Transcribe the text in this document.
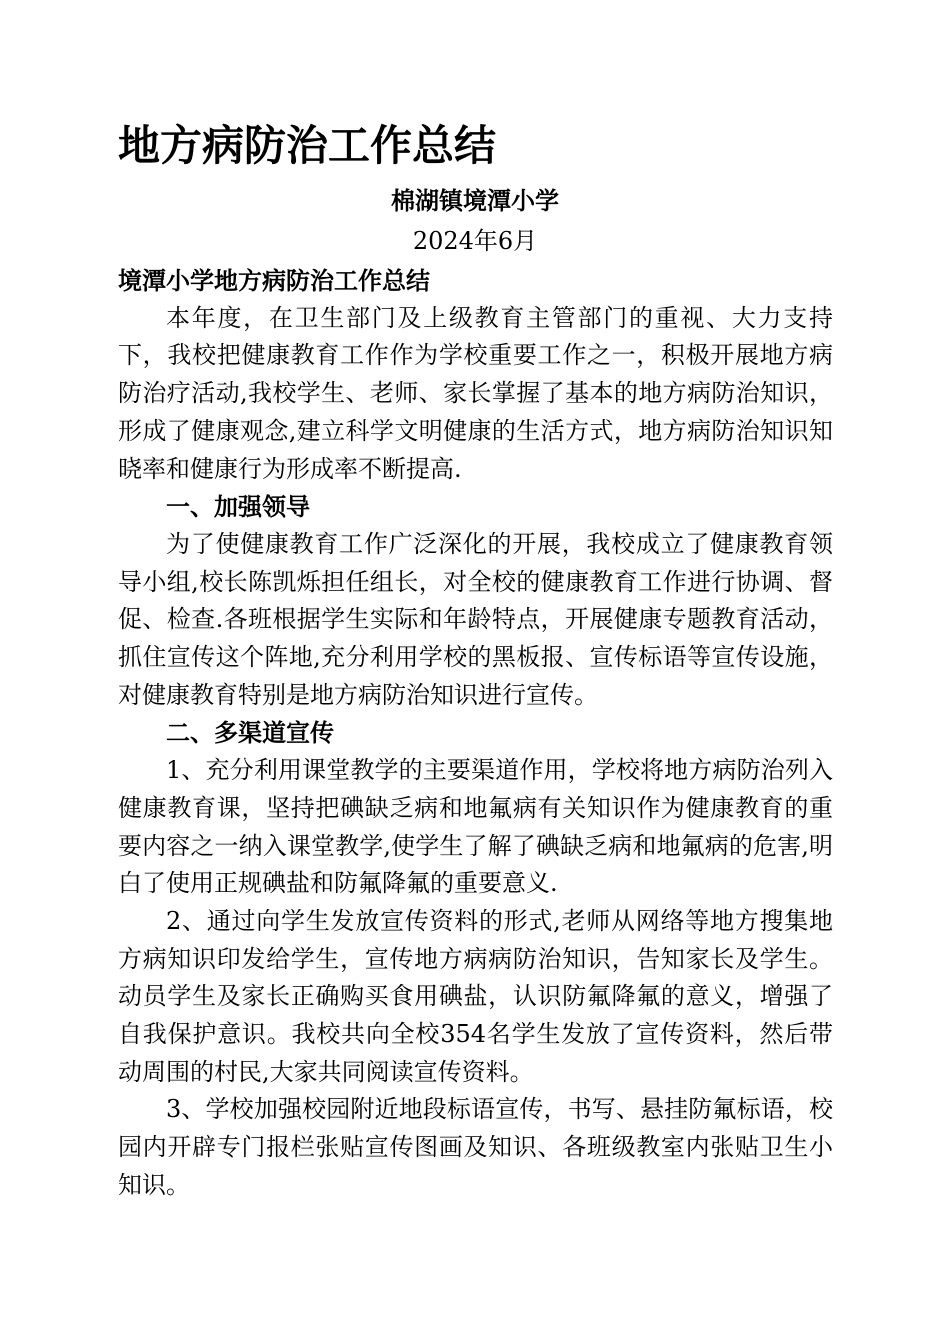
地方病防治工作总结
棉湖镇境潭小学
2024年6月

境潭小学地方病防治工作总结

本年度，在卫生部门及上级教育主管部门的重视、大力支持下，我校把健康教育工作作为学校重要工作之一，积极开展地方病防治疗活动,我校学生、老师、家长掌握了基本的地方病防治知识，形成了健康观念,建立科学文明健康的生活方式，地方病防治知识知晓率和健康行为形成率不断提高.

一、加强领导

为了使健康教育工作广泛深化的开展，我校成立了健康教育领导小组,校长陈凯烁担任组长，对全校的健康教育工作进行协调、督促、检查.各班根据学生实际和年龄特点，开展健康专题教育活动，抓住宣传这个阵地,充分利用学校的黑板报、宣传标语等宣传设施，对健康教育特别是地方病防治知识进行宣传。

二、多渠道宣传

1、充分利用课堂教学的主要渠道作用，学校将地方病防治列入健康教育课，坚持把碘缺乏病和地氟病有关知识作为健康教育的重要内容之一纳入课堂教学,使学生了解了碘缺乏病和地氟病的危害,明白了使用正规碘盐和防氟降氟的重要意义.

2、通过向学生发放宣传资料的形式,老师从网络等地方搜集地方病知识印发给学生，宣传地方病病防治知识，告知家长及学生。动员学生及家长正确购买食用碘盐，认识防氟降氟的意义，增强了自我保护意识。我校共向全校354名学生发放了宣传资料，然后带动周围的村民,大家共同阅读宣传资料。

3、学校加强校园附近地段标语宣传，书写、悬挂防氟标语，校园内开辟专门报栏张贴宣传图画及知识、各班级教室内张贴卫生小知识。
